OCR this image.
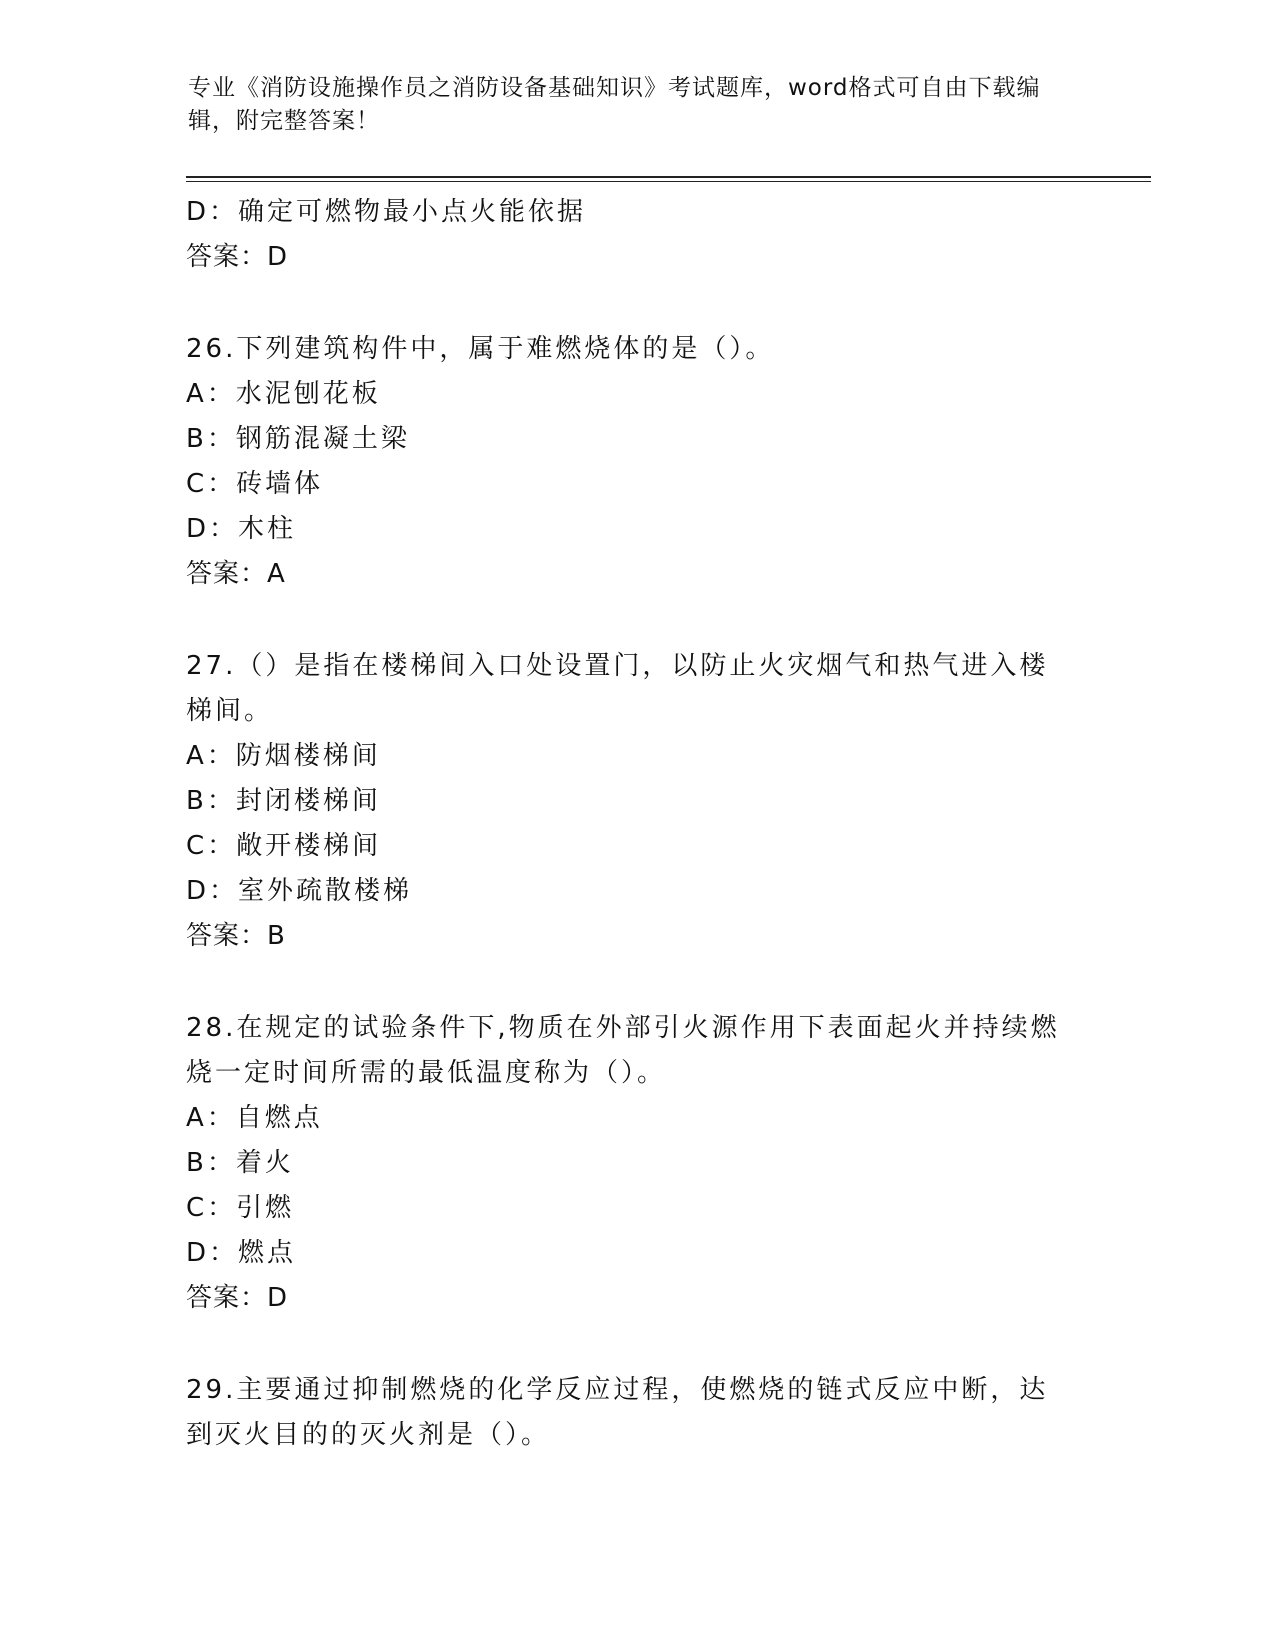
专业《消防设施操作员之消防设备基础知识》考试题库，word格式可自由下载编辑，附完整答案！
D：确定可燃物最小点火能依据
答案：D
26.下列建筑构件中，属于难燃烧体的是（）。
A：水泥刨花板
B：钢筋混凝土梁
C：砖墙体
D：木柱
答案：A
27.（）是指在楼梯间入口处设置门，以防止火灾烟气和热气进入楼梯间。
A：防烟楼梯间
B：封闭楼梯间
C：敞开楼梯间
D：室外疏散楼梯
答案：B
28.在规定的试验条件下,物质在外部引火源作用下表面起火并持续燃烧一定时间所需的最低温度称为（）。
A：自燃点
B：着火
C：引燃
D：燃点
答案：D
29.主要通过抑制燃烧的化学反应过程，使燃烧的链式反应中断，达到灭火目的的灭火剂是（）。
